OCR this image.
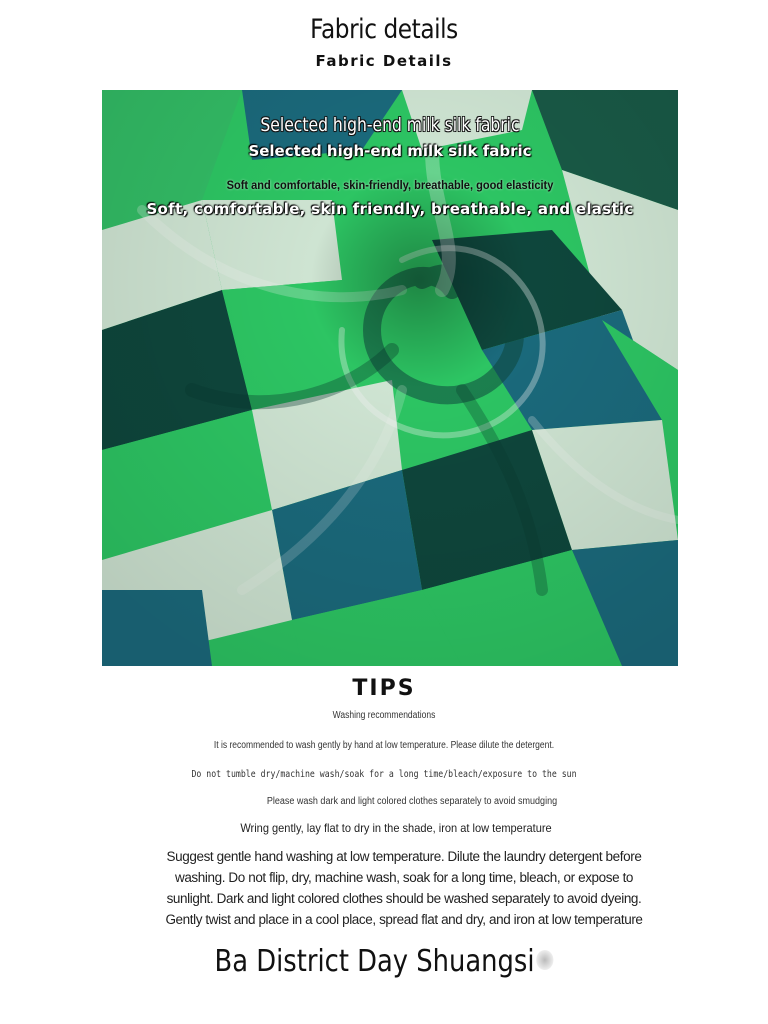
Fabric details
Fabric Details
Selected high-end milk silk fabric
Selected high-end milk silk fabric
Soft and comfortable, skin-friendly, breathable, good elasticity
Soft, comfortable, skin friendly, breathable, and elastic
TIPS
Washing recommendations
It is recommended to wash gently by hand at low temperature. Please dilute the detergent.
Do not tumble dry/machine wash/soak for a long time/bleach/exposure to the sun
Please wash dark and light colored clothes separately to avoid smudging
Wring gently, lay flat to dry in the shade, iron at low temperature
Suggest gentle hand washing at low temperature. Dilute the laundry detergent before washing. Do not flip, dry, machine wash, soak for a long time, bleach, or expose to sunlight. Dark and light colored clothes should be washed separately to avoid dyeing. Gently twist and place in a cool place, spread flat and dry, and iron at low temperature
Ba District Day Shuangsi
